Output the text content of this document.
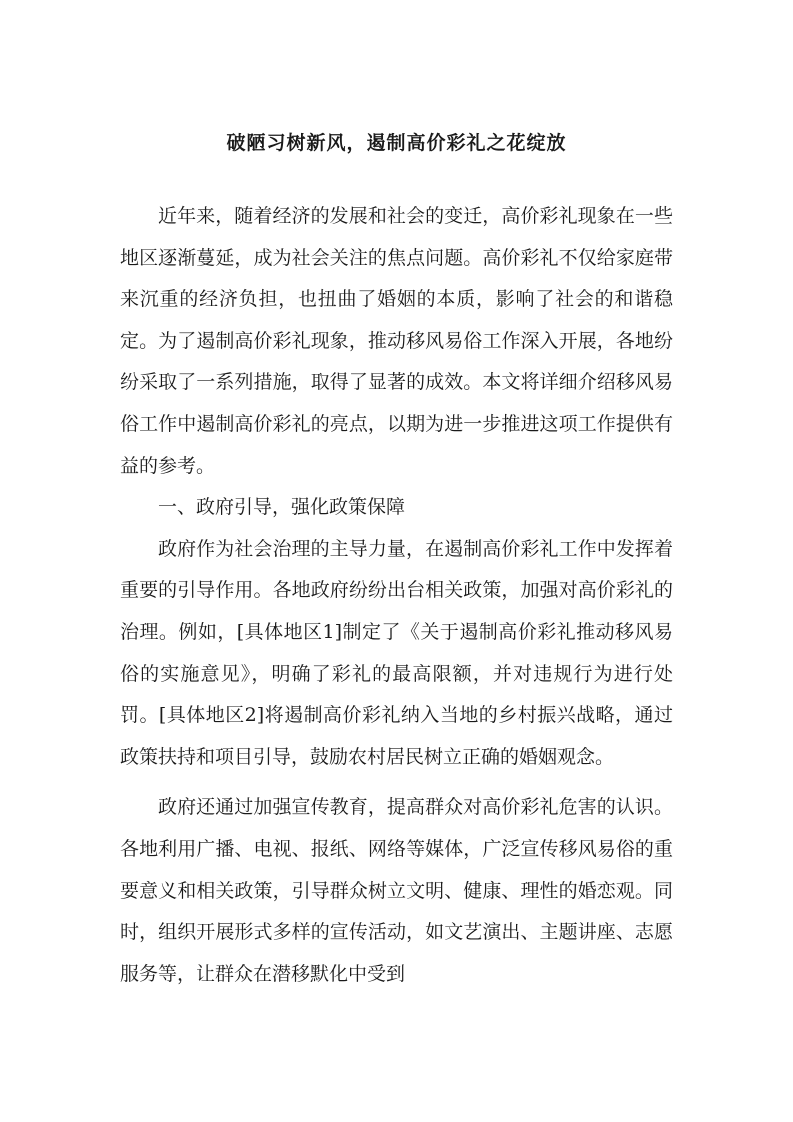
破陋习树新风，遏制高价彩礼之花绽放

近年来，随着经济的发展和社会的变迁，高价彩礼现象在一些地区逐渐蔓延，成为社会关注的焦点问题。高价彩礼不仅给家庭带来沉重的经济负担，也扭曲了婚姻的本质，影响了社会的和谐稳定。为了遏制高价彩礼现象，推动移风易俗工作深入开展，各地纷纷采取了一系列措施，取得了显著的成效。本文将详细介绍移风易俗工作中遏制高价彩礼的亮点，以期为进一步推进这项工作提供有益的参考。

一、政府引导，强化政策保障

政府作为社会治理的主导力量，在遏制高价彩礼工作中发挥着重要的引导作用。各地政府纷纷出台相关政策，加强对高价彩礼的治理。例如，[具体地区1]制定了《关于遏制高价彩礼推动移风易俗的实施意见》，明确了彩礼的最高限额，并对违规行为进行处罚。[具体地区2]将遏制高价彩礼纳入当地的乡村振兴战略，通过政策扶持和项目引导，鼓励农村居民树立正确的婚姻观念。

政府还通过加强宣传教育，提高群众对高价彩礼危害的认识。各地利用广播、电视、报纸、网络等媒体，广泛宣传移风易俗的重要意义和相关政策，引导群众树立文明、健康、理性的婚恋观。同时，组织开展形式多样的宣传活动，如文艺演出、主题讲座、志愿服务等，让群众在潜移默化中受到
